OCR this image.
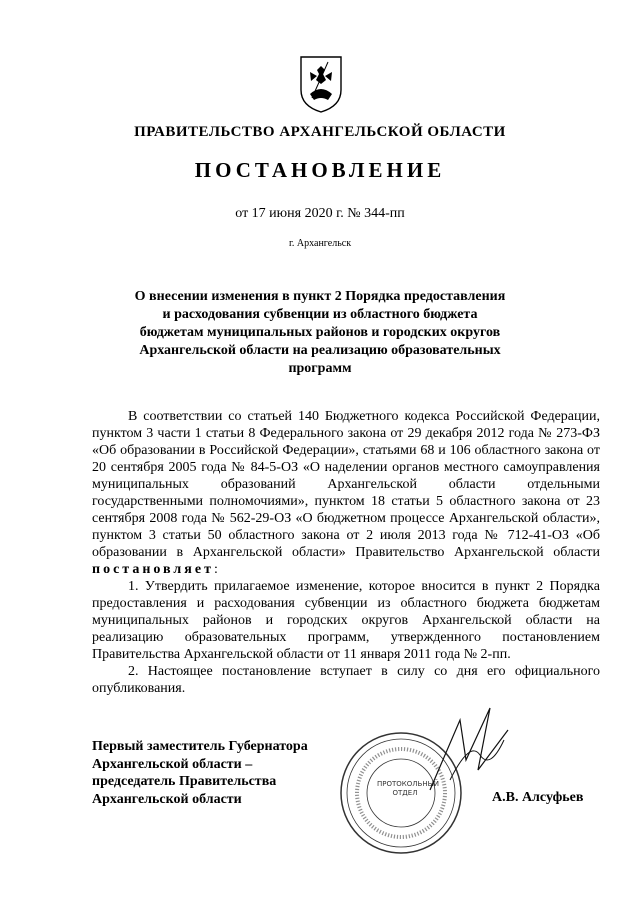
ПРАВИТЕЛЬСТВО АРХАНГЕЛЬСКОЙ ОБЛАСТИ
ПОСТАНОВЛЕНИЕ
от 17 июня 2020 г. № 344-пп
г. Архангельск
О внесении изменения в пункт 2 Порядка предоставления и расходования субвенции из областного бюджета бюджетам муниципальных районов и городских округов Архангельской области на реализацию образовательных программ

В соответствии со статьей 140 Бюджетного кодекса Российской Федерации, пунктом 3 части 1 статьи 8 Федерального закона от 29 декабря 2012 года № 273-ФЗ «Об образовании в Российской Федерации», статьями 68 и 106 областного закона от 20 сентября 2005 года № 84-5-ОЗ «О наделении органов местного самоуправления муниципальных образований Архангельской области отдельными государственными полномочиями», пунктом 18 статьи 5 областного закона от 23 сентября 2008 года № 562-29-ОЗ «О бюджетном процессе Архангельской области», пунктом 3 статьи 50 областного закона от 2 июля 2013 года № 712-41-ОЗ «Об образовании в Архангельской области» Правительство Архангельской области постановляет:

1. Утвердить прилагаемое изменение, которое вносится в пункт 2 Порядка предоставления и расходования субвенции из областного бюджета бюджетам муниципальных районов и городских округов Архангельской области на реализацию образовательных программ, утвержденного постановлением Правительства Архангельской области от 11 января 2011 года № 2-пп.

2. Настоящее постановление вступает в силу со дня его официального опубликования.

Первый заместитель Губернатора
Архангельской области –
председатель Правительства
Архангельской области
ПРОТОКОЛЬНЫЙ
ОТДЕЛ	А.В. Алсуфьев
